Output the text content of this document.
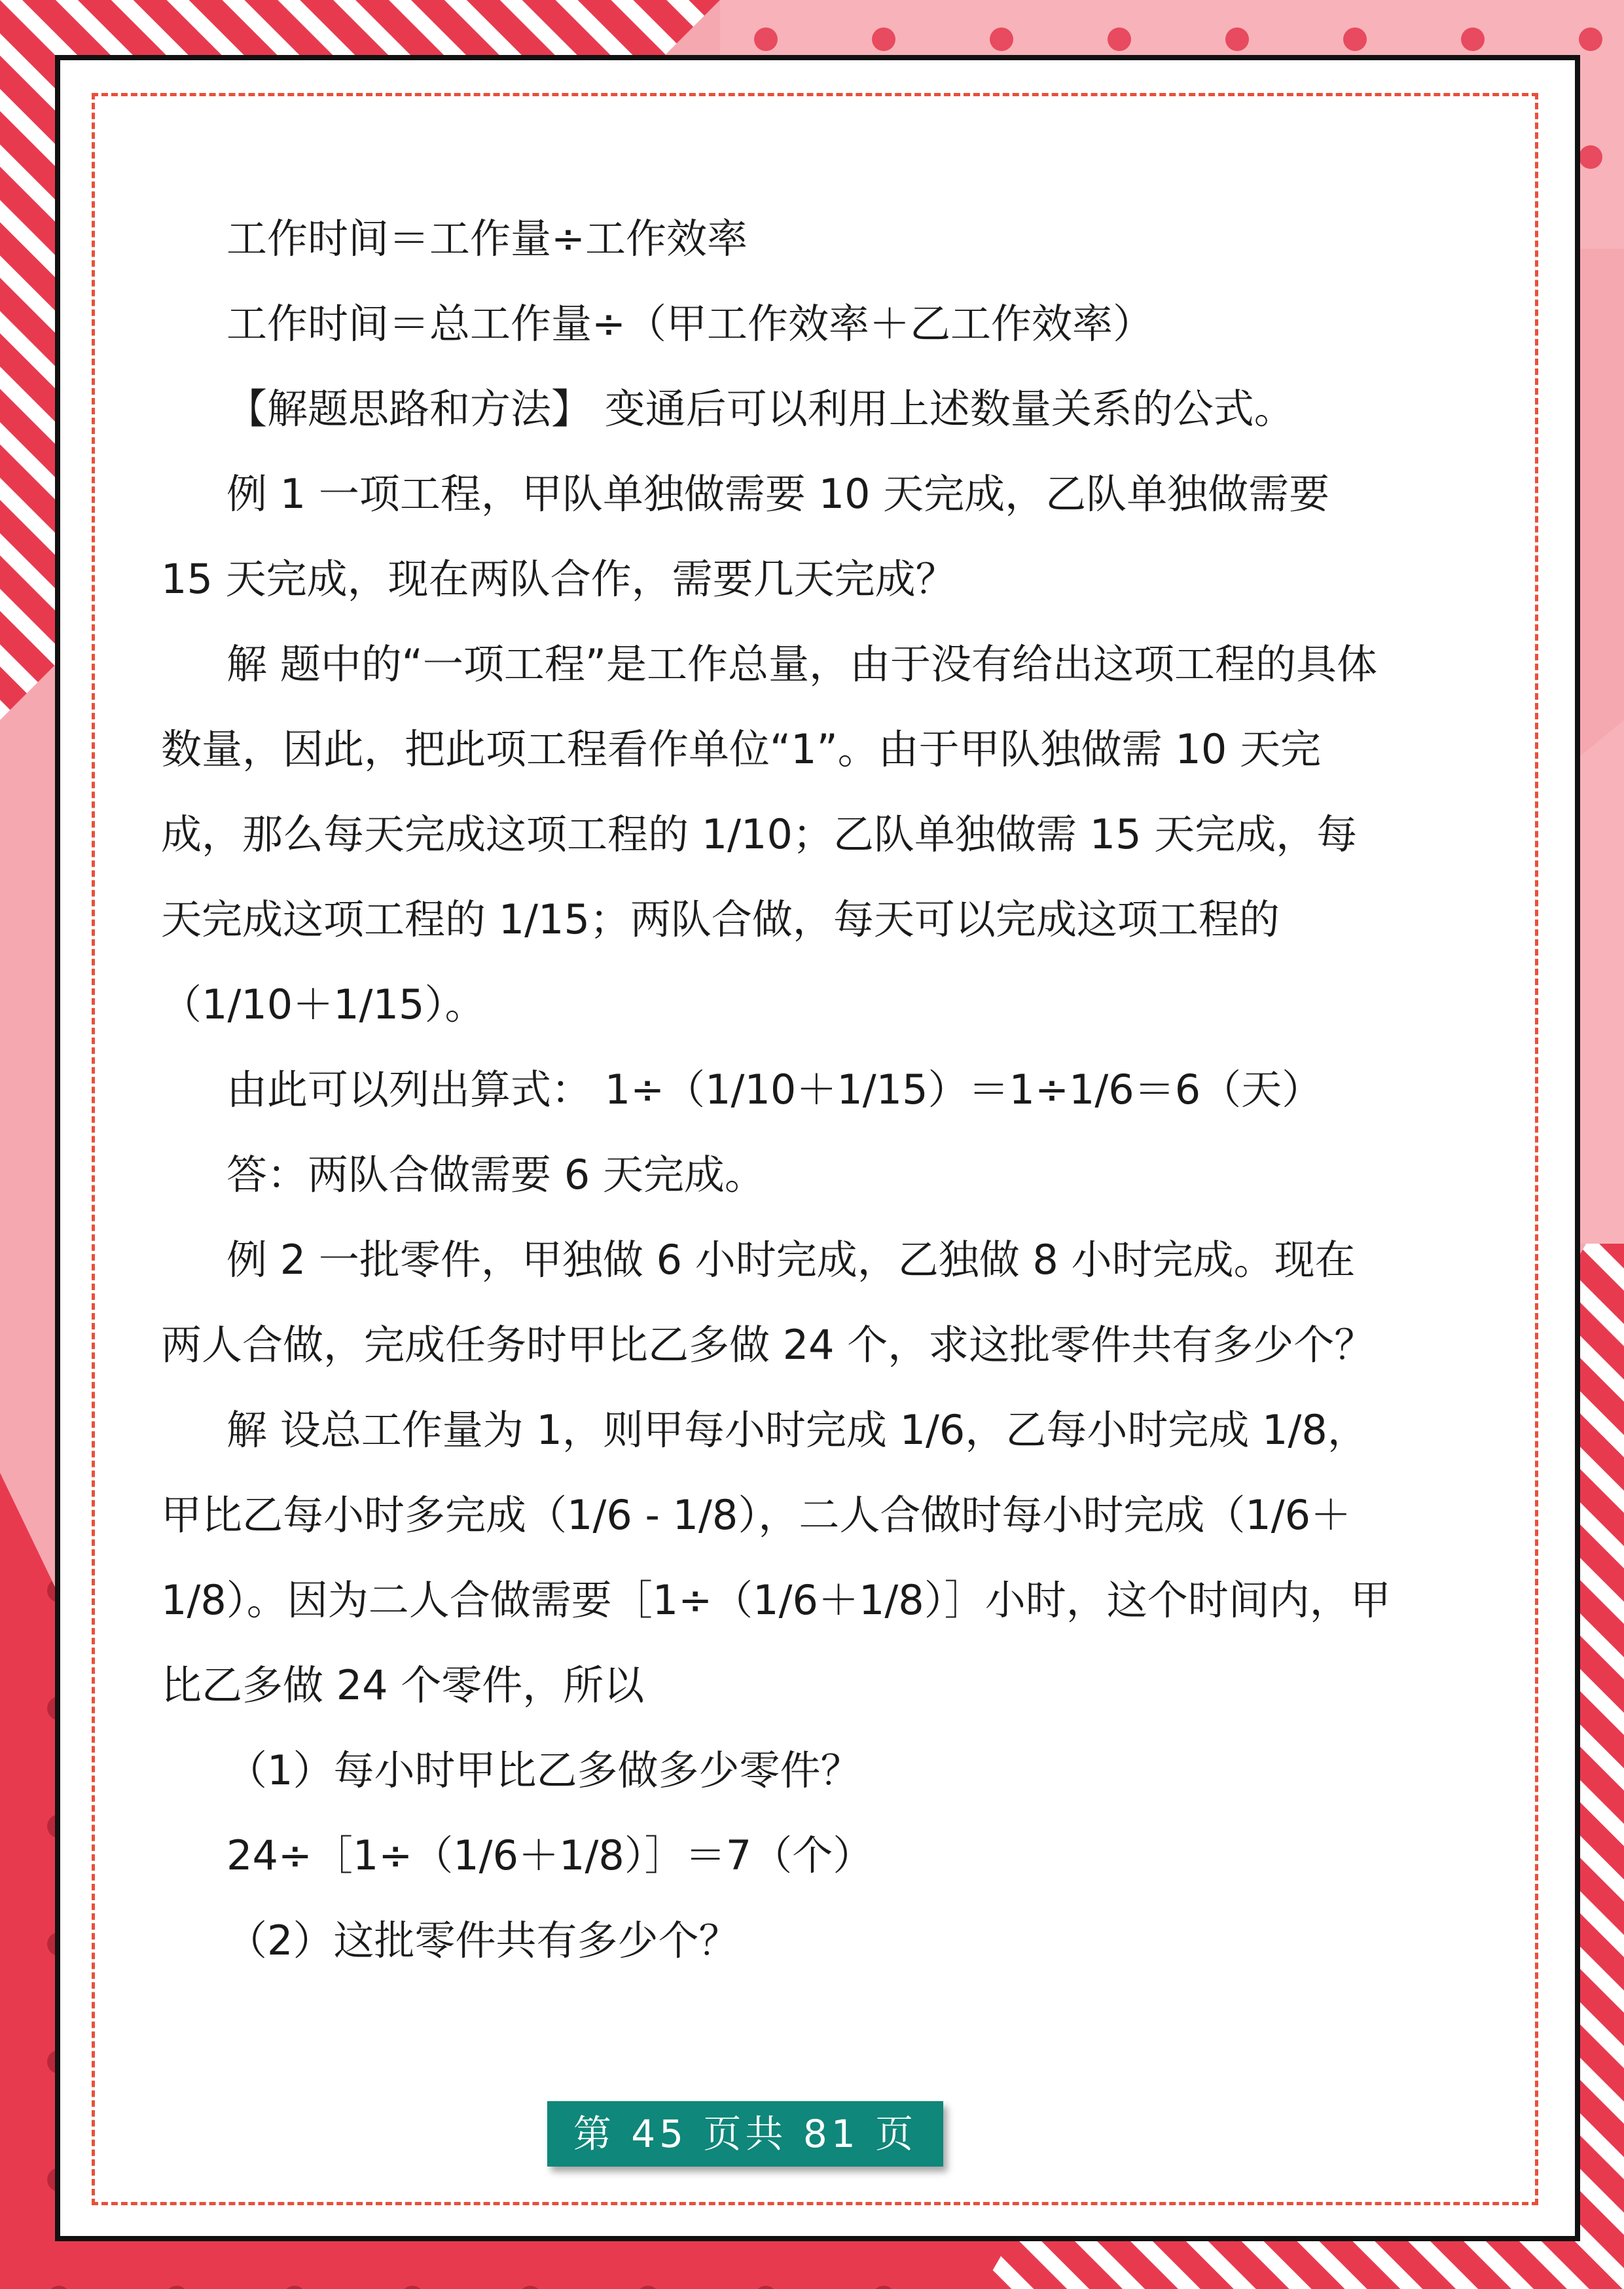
工作时间＝工作量÷工作效率

工作时间＝总工作量÷（甲工作效率＋乙工作效率）

【解题思路和方法】 变通后可以利用上述数量关系的公式。

例 1 一项工程，甲队单独做需要 10 天完成，乙队单独做需要 15 天完成，现在两队合作，需要几天完成？

解 题中的“一项工程”是工作总量，由于没有给出这项工程的具体数量，因此，把此项工程看作单位“1”。由于甲队独做需 10 天完成，那么每天完成这项工程的 1/10；乙队单独做需 15 天完成，每天完成这项工程的 1/15；两队合做，每天可以完成这项工程的（1/10＋1/15）。

由此可以列出算式： 1÷（1/10＋1/15）＝1÷1/6＝6（天）

答：两队合做需要 6 天完成。

例 2 一批零件，甲独做 6 小时完成，乙独做 8 小时完成。现在两人合做，完成任务时甲比乙多做 24 个，求这批零件共有多少个？

解 设总工作量为 1，则甲每小时完成 1/6，乙每小时完成 1/8，甲比乙每小时多完成（1/6 - 1/8），二人合做时每小时完成（1/6＋1/8）。因为二人合做需要［1÷（1/6＋1/8）］小时，这个时间内，甲比乙多做 24 个零件，所以

（1）每小时甲比乙多做多少零件？

24÷［1÷（1/6＋1/8）］＝7（个）

（2）这批零件共有多少个？

第 45 页共 81 页
